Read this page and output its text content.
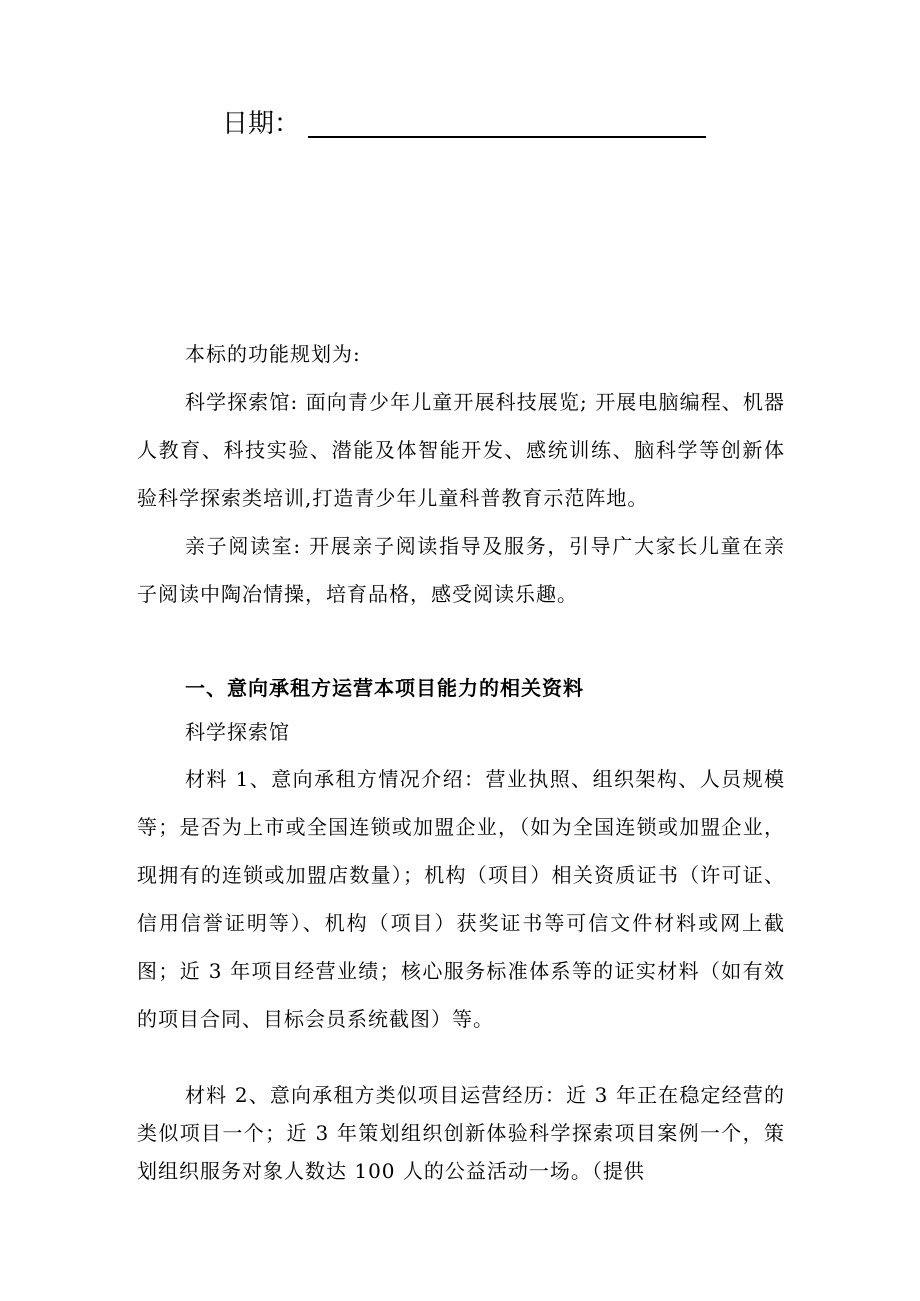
日期：
本标的功能规划为:
科学探索馆: 面向青少年儿童开展科技展览; 开展电脑编程、机器人教育、科技实验、潜能及体智能开发、感统训练、脑科学等创新体验科学探索类培训,打造青少年儿童科普教育示范阵地。
亲子阅读室: 开展亲子阅读指导及服务，引导广大家长儿童在亲子阅读中陶冶情操，培育品格，感受阅读乐趣。
一、意向承租方运营本项目能力的相关资料
科学探索馆
材料 1、意向承租方情况介绍：营业执照、组织架构、人员规模等；是否为上市或全国连锁或加盟企业，（如为全国连锁或加盟企业，现拥有的连锁或加盟店数量）；机构（项目）相关资质证书（许可证、信用信誉证明等）、机构（项目）获奖证书等可信文件材料或网上截图；近 3 年项目经营业绩；核心服务标准体系等的证实材料（如有效的项目合同、目标会员系统截图）等。
材料 2、意向承租方类似项目运营经历：近 3 年正在稳定经营的类似项目一个；近 3 年策划组织创新体验科学探索项目案例一个，策划组织服务对象人数达 100 人的公益活动一场。（提供
